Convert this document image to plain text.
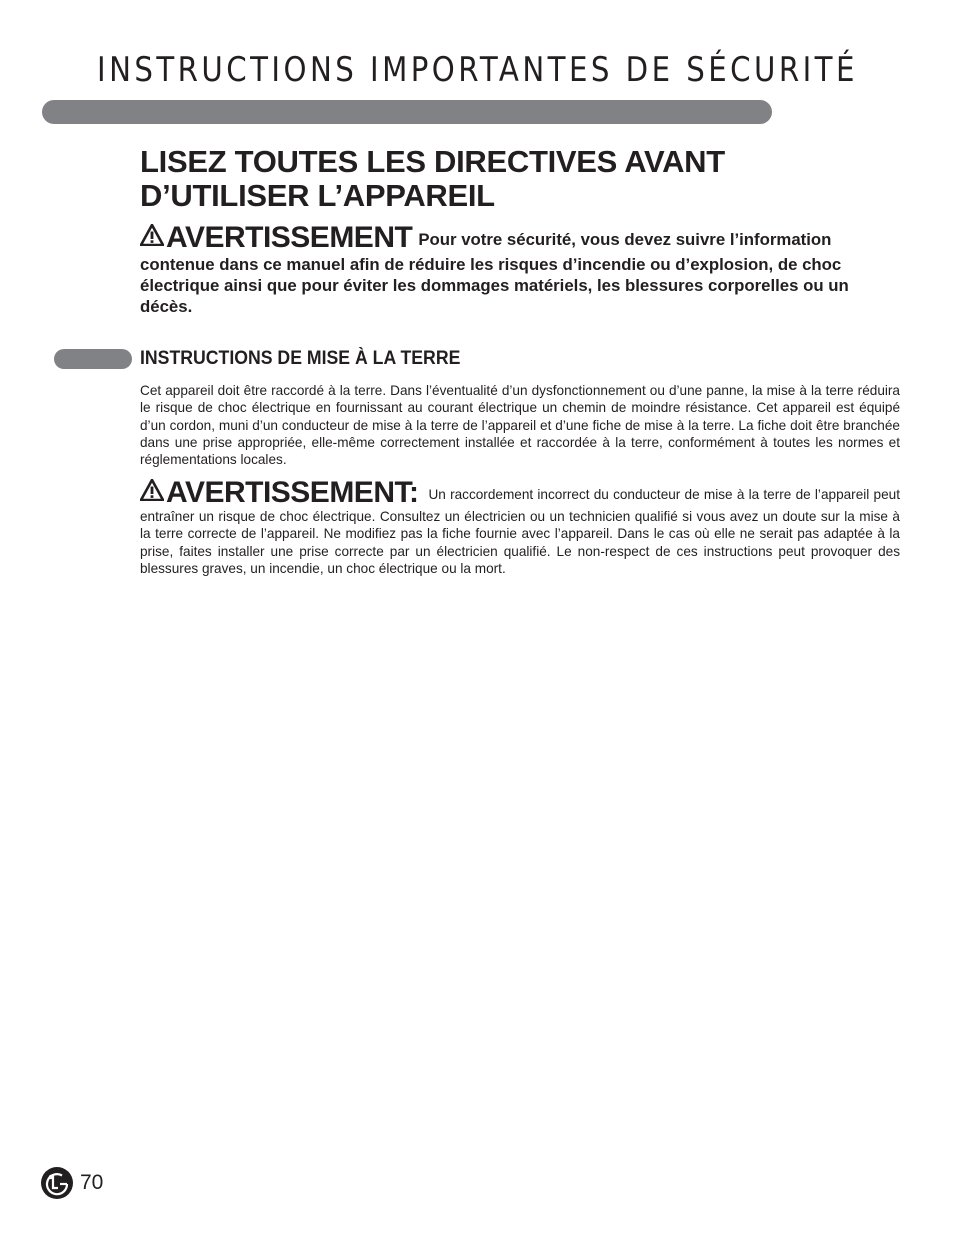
INSTRUCTIONS IMPORTANTES DE SÉCURITÉ
LISEZ TOUTES LES DIRECTIVES AVANT
D’UTILISER L’APPAREIL

AVERTISSEMENT Pour votre sécurité, vous devez suivre l’information contenue dans ce manuel afin de réduire les risques d’incendie ou d’explosion, de choc électrique ainsi que pour éviter les dommages matériels, les blessures corporelles ou un décès.

INSTRUCTIONS DE MISE À LA TERRE

Cet appareil doit être raccordé à la terre. Dans l’éventualité d’un dysfonctionnement ou d’une panne, la mise à la terre réduira le risque de choc électrique en fournissant au courant électrique un chemin de moindre résistance. Cet appareil est équipé d’un cordon, muni d’un conducteur de mise à la terre de l’appareil et d’une fiche de mise à la terre. La fiche doit être branchée dans une prise appropriée, elle-même correctement installée et raccordée à la terre, conformément à toutes les normes et réglementations locales.

AVERTISSEMENT: Un raccordement incorrect du conducteur de mise à la terre de l’appareil peut entraîner un risque de choc électrique. Consultez un électricien ou un technicien qualifié si vous avez un doute sur la mise à la terre correcte de l’appareil. Ne modifiez pas la fiche fournie avec l’appareil. Dans le cas où elle ne serait pas adaptée à la prise, faites installer une prise correcte par un électricien qualifié. Le non-respect de ces instructions peut provoquer des blessures graves, un incendie, un choc électrique ou la mort.

70
